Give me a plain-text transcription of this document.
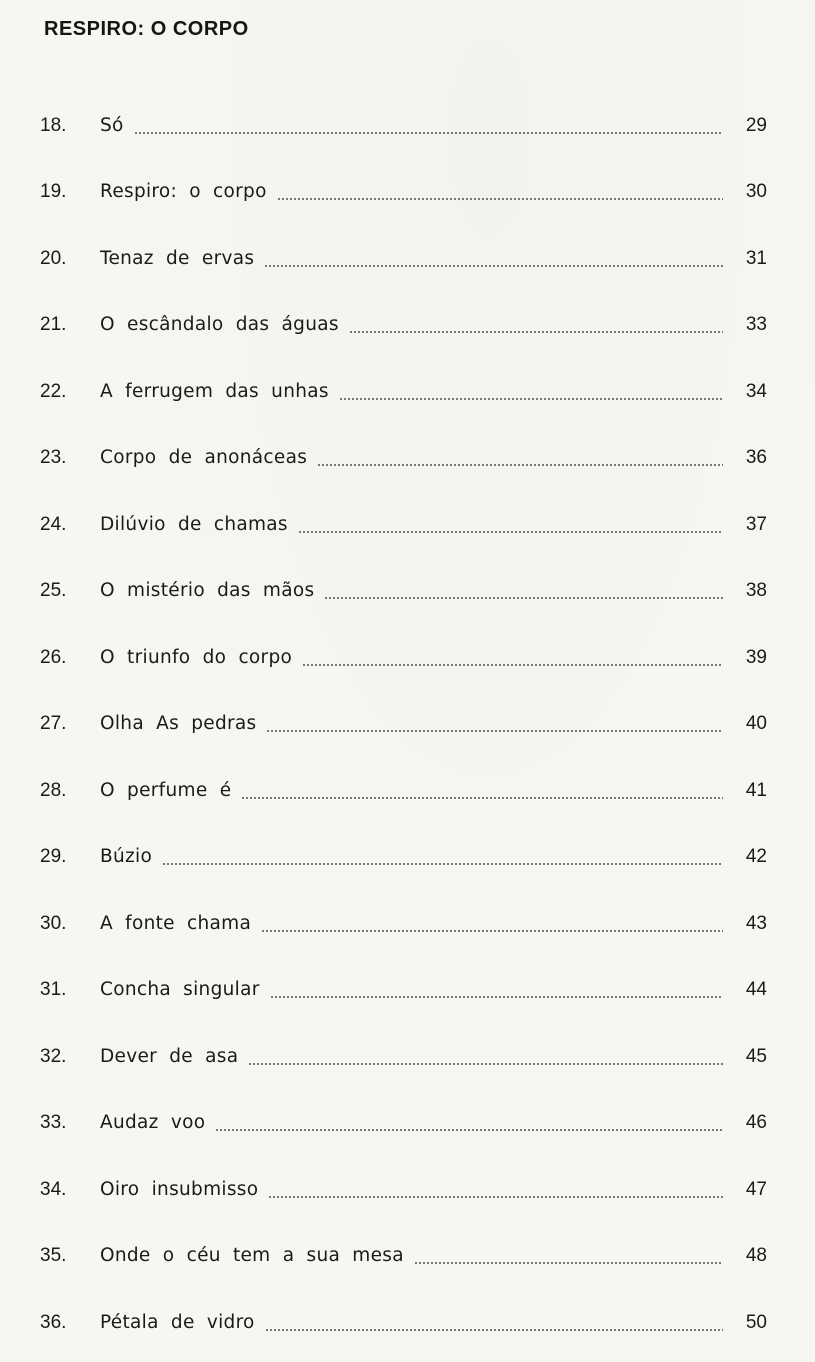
RESPIRO: O CORPO
18.	Só	29
19.	Respiro: o corpo	30
20.	Tenaz de ervas	31
21.	O escândalo das águas	33
22.	A ferrugem das unhas	34
23.	Corpo de anonáceas	36
24.	Dilúvio de chamas	37
25.	O mistério das mãos	38
26.	O triunfo do corpo	39
27.	Olha As pedras	40
28.	O perfume é	41
29.	Búzio	42
30.	A fonte chama	43
31.	Concha singular	44
32.	Dever de asa	45
33.	Audaz voo	46
34.	Oiro insubmisso	47
35.	Onde o céu tem a sua mesa	48
36.	Pétala de vidro	50
